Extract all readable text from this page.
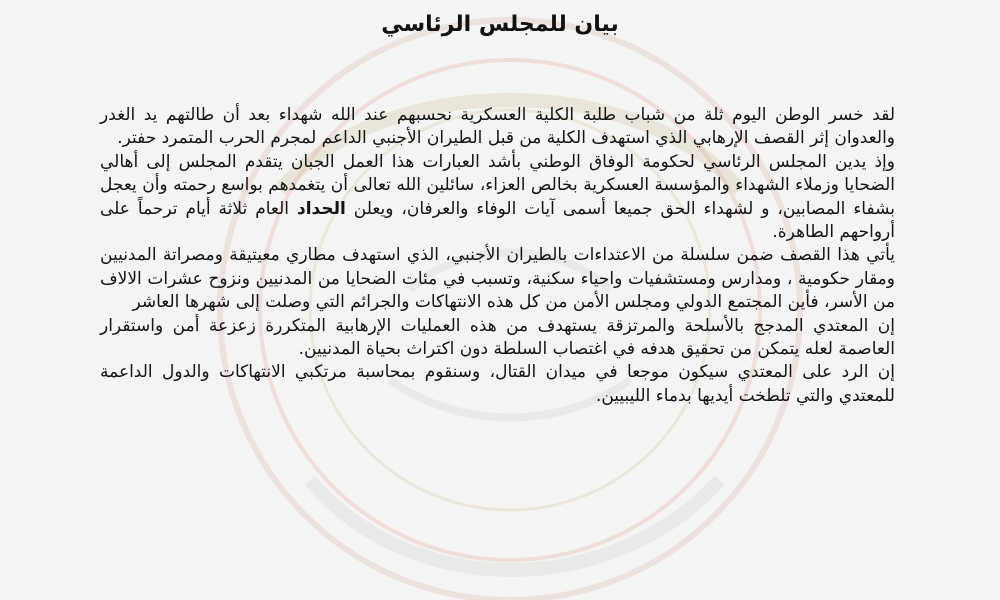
بيان للمجلس الرئاسي

لقد خسر الوطن اليوم ثلة من شباب طلبة الكلية العسكرية نحسبهم عند الله شهداء بعد أن طالتهم يد الغدر والعدوان إثر القصف الإرهابي الذي استهدف الكلية من قبل الطيران الأجنبي الداعم لمجرم الحرب المتمرد حفتر.

وإذ يدين المجلس الرئاسي لحكومة الوفاق الوطني بأشد العبارات هذا العمل الجبان يتقدم المجلس إلى أهالي الضحايا وزملاء الشهداء والمؤسسة العسكرية بخالص العزاء، سائلين الله تعالى أن يتغمدهم بواسع رحمته وأن يعجل بشفاء المصابين، و لشهداء الحق جميعا أسمى آيات الوفاء والعرفان، ويعلن الحداد العام ثلاثة أيام ترحماً على أرواحهم الطاهرة.

يأتي هذا القصف ضمن سلسلة من الاعتداءات بالطيران الأجنبي، الذي استهدف مطاري معيتيقة ومصراتة المدنيين ومقار حكومية ، ومدارس ومستشفيات واحياء سكنية، وتسبب في مئات الضحايا من المدنيين ونزوح عشرات الالاف من الأسر، فأين المجتمع الدولي ومجلس الأمن من كل هذه الانتهاكات والجرائم التي وصلت إلى شهرها العاشر

إن المعتدي المدجج بالأسلحة والمرتزقة يستهدف من هذه العمليات الإرهابية المتكررة زعزعة أمن واستقرار العاصمة لعله يتمكن من تحقيق هدفه في اغتصاب السلطة دون اكتراث بحياة المدنيين.

إن الرد على المعتدي سيكون موجعا في ميدان القتال، وسنقوم بمحاسبة مرتكبي الانتهاكات والدول الداعمة للمعتدي والتي تلطخت أيديها بدماء الليبيين.
